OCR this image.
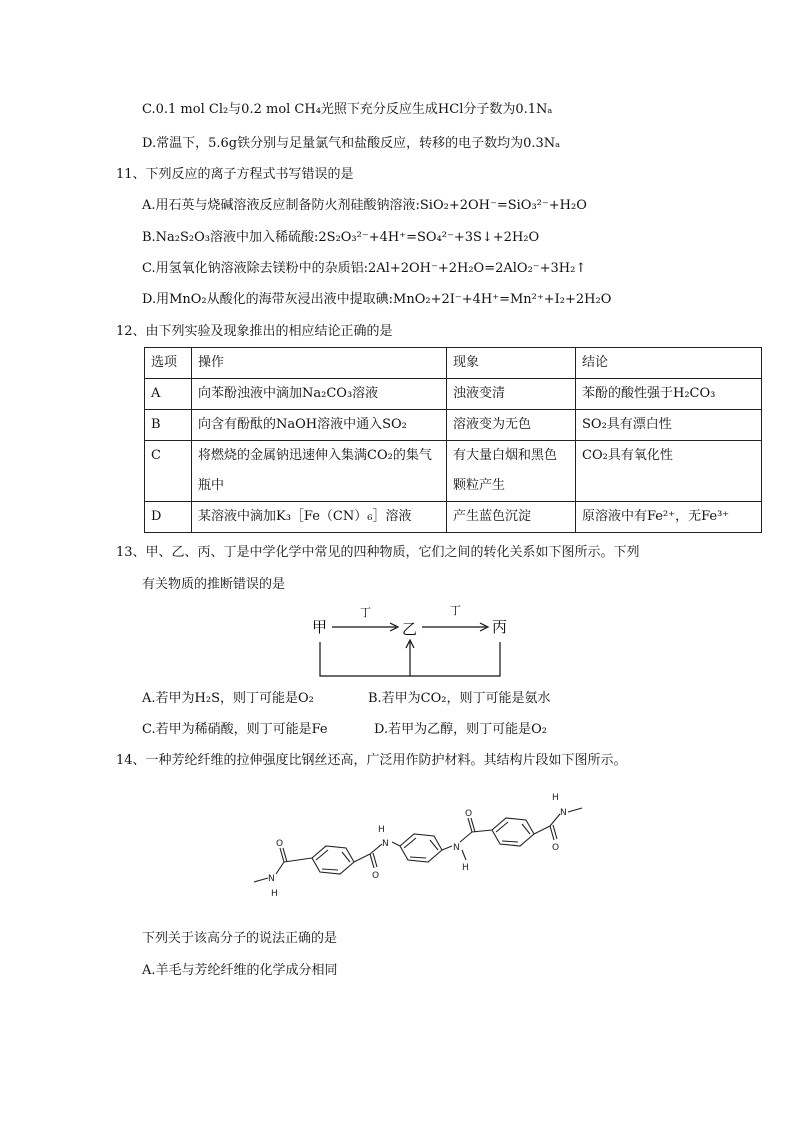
C.0.1 mol Cl₂与0.2 mol CH₄光照下充分反应生成HCl分子数为0.1Nₐ
D.常温下，5.6g铁分别与足量氯气和盐酸反应，转移的电子数均为0.3Nₐ
11、下列反应的离子方程式书写错误的是
A.用石英与烧碱溶液反应制备防火剂硅酸钠溶液:SiO₂+2OH⁻=SiO₃²⁻+H₂O
B.Na₂S₂O₃溶液中加入稀硫酸:2S₂O₃²⁻+4H⁺=SO₄²⁻+3S↓+2H₂O
C.用氢氧化钠溶液除去镁粉中的杂质铝:2Al+2OH⁻+2H₂O=2AlO₂⁻+3H₂↑
D.用MnO₂从酸化的海带灰浸出液中提取碘:MnO₂+2I⁻+4H⁺=Mn²⁺+I₂+2H₂O
12、由下列实验及现象推出的相应结论正确的是
选项	操作	现象	结论
A	向苯酚浊液中滴加Na₂CO₃溶液	浊液变清	苯酚的酸性强于H₂CO₃
B	向含有酚酞的NaOH溶液中通入SO₂	溶液变为无色	SO₂具有漂白性
C	将燃烧的金属钠迅速伸入集满CO₂的集气瓶中	有大量白烟和黑色颗粒产生	CO₂具有氧化性
D	某溶液中滴加K₃［Fe（CN）₆］溶液	产生蓝色沉淀	原溶液中有Fe²⁺，无Fe³⁺
13、甲、乙、丙、丁是中学化学中常见的四种物质，它们之间的转化关系如下图所示。下列
有关物质的推断错误的是
甲	乙	丙
丁	丁
A.若甲为H₂S，则丁可能是O₂	B.若甲为CO₂，则丁可能是氨水
C.若甲为稀硝酸，则丁可能是Fe	D.若甲为乙醇，则丁可能是O₂
14、一种芳纶纤维的拉伸强度比钢丝还高，广泛用作防护材料。其结构片段如下图所示。
N
H
O
O
N
H
N
H
O
O
N
H
下列关于该高分子的说法正确的是
A.羊毛与芳纶纤维的化学成分相同
